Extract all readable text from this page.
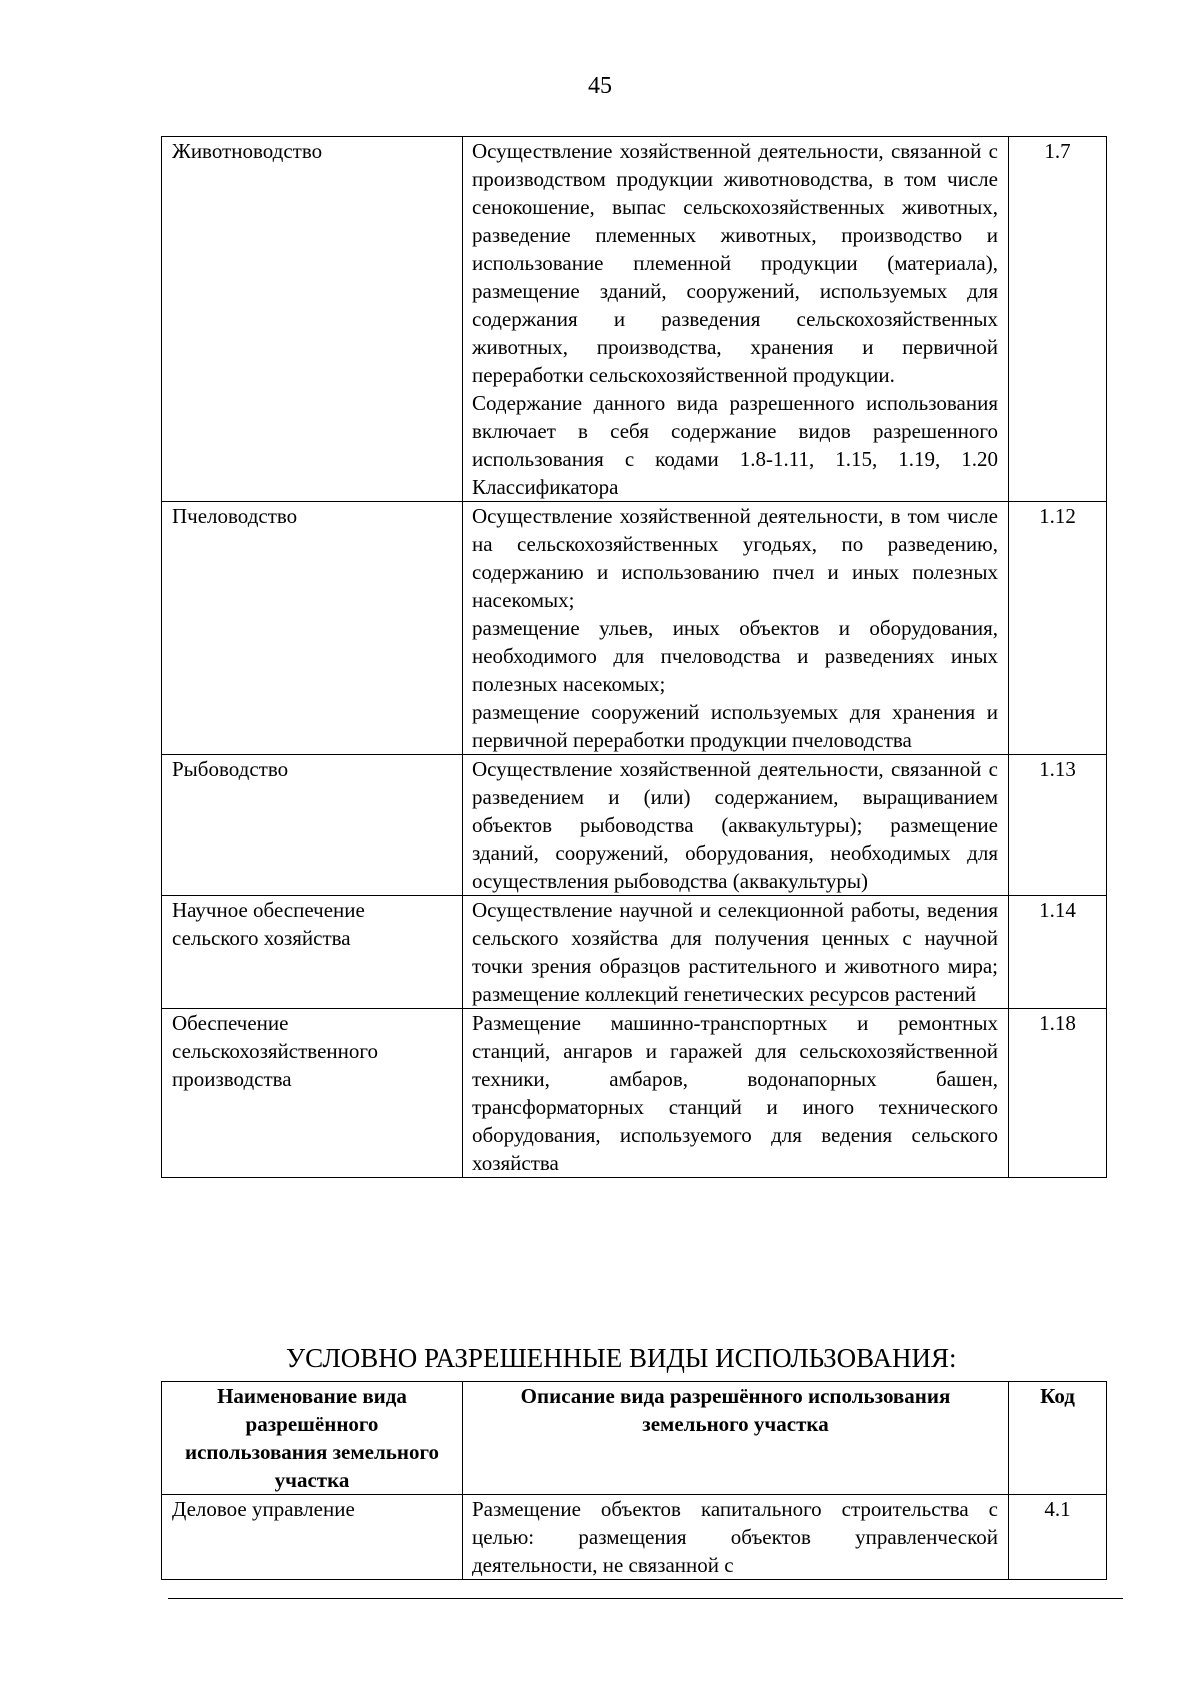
45
Животноводство	Осуществление хозяйственной деятельности, связанной с производством продукции животноводства, в том числе сенокошение, выпас сельскохозяйственных животных, разведение племенных животных, производство и использование племенной продукции (материала), размещение зданий, сооружений, используемых для содержания и разведения сельскохозяйственных животных, производства, хранения и первичной переработки сельскохозяйственной продукции.
Содержание данного вида разрешенного использования включает в себя содержание видов разрешенного использования с кодами 1.8-1.11, 1.15, 1.19, 1.20 Классификатора	1.7
Пчеловодство	Осуществление хозяйственной деятельности, в том числе на сельскохозяйственных угодьях, по разведению, содержанию и использованию пчел и иных полезных насекомых;
размещение ульев, иных объектов и оборудования, необходимого для пчеловодства и разведениях иных полезных насекомых;
размещение сооружений используемых для хранения и первичной переработки продукции пчеловодства	1.12
Рыбоводство	Осуществление хозяйственной деятельности, связанной с разведением и (или) содержанием, выращиванием объектов рыбоводства (аквакультуры); размещение зданий, сооружений, оборудования, необходимых для осуществления рыбоводства (аквакультуры)	1.13
Научное обеспечение сельского хозяйства	Осуществление научной и селекционной работы, ведения сельского хозяйства для получения ценных с научной точки зрения образцов растительного и животного мира; размещение коллекций генетических ресурсов растений	1.14
Обеспечение сельскохозяйственного производства	Размещение машинно-транспортных и ремонтных станций, ангаров и гаражей для сельскохозяйственной техники, амбаров, водонапорных башен, трансформаторных станций и иного технического оборудования, используемого для ведения сельского хозяйства	1.18
УСЛОВНО РАЗРЕШЕННЫЕ ВИДЫ ИСПОЛЬЗОВАНИЯ:
Наименование вида разрешённого использования земельного участка	Описание вида разрешённого использования земельного участка	Код
Деловое управление	Размещение объектов капитального строительства с целью: размещения объектов управленческой деятельности, не связанной с	4.1
